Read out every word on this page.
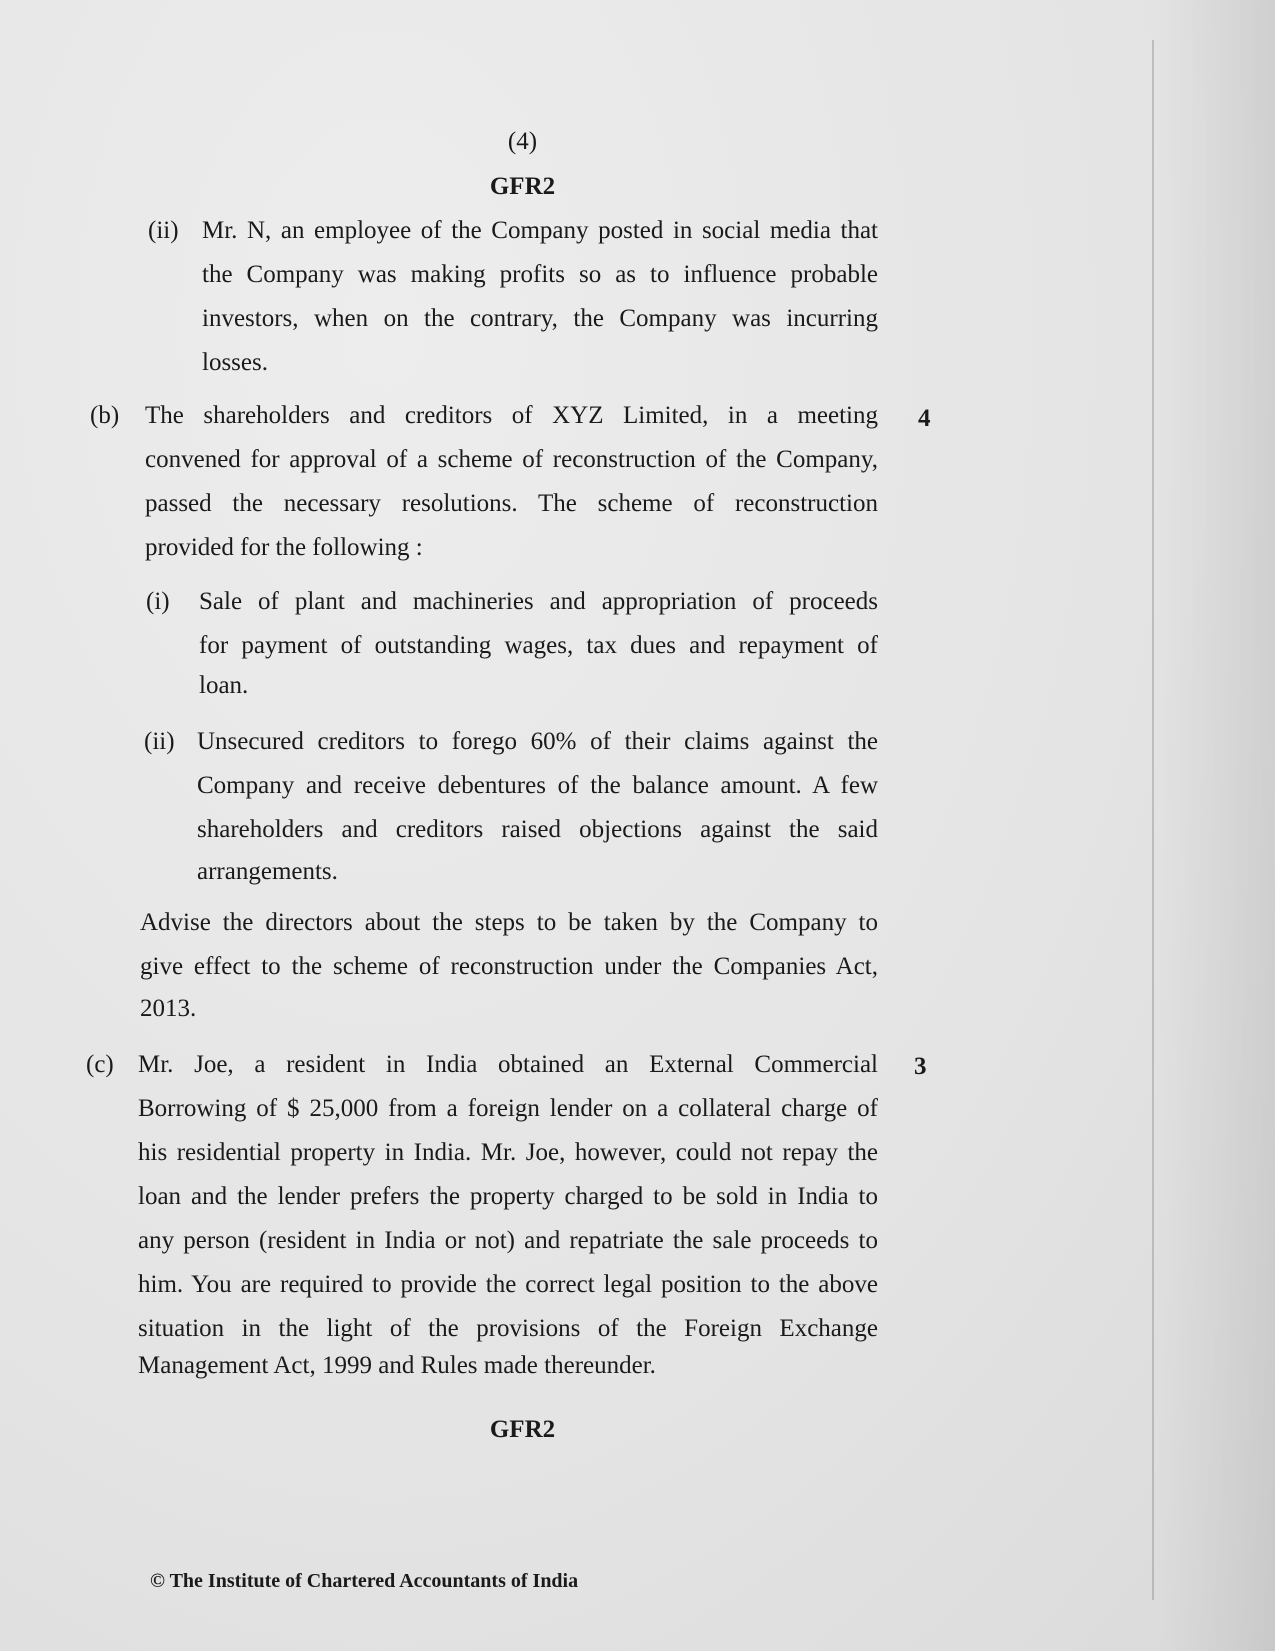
(4)
GFR2
(ii) Mr. N, an employee of the Company posted in social media that
the Company was making profits so as to influence probable
investors, when on the contrary, the Company was incurring
losses.
(b)	4
The shareholders and creditors of XYZ Limited, in a meeting
convened for approval of a scheme of reconstruction of the Company,
passed the necessary resolutions. The scheme of reconstruction
provided for the following :
(i) Sale of plant and machineries and appropriation of proceeds
for payment of outstanding wages, tax dues and repayment of
loan.
(ii) Unsecured creditors to forego 60% of their claims against the
Company and receive debentures of the balance amount. A few
shareholders and creditors raised objections against the said
arrangements.
Advise the directors about the steps to be taken by the Company to
give effect to the scheme of reconstruction under the Companies Act,
2013.
(c)	3
Mr. Joe, a resident in India obtained an External Commercial
Borrowing of $ 25,000 from a foreign lender on a collateral charge of
his residential property in India. Mr. Joe, however, could not repay the
loan and the lender prefers the property charged to be sold in India to
any person (resident in India or not) and repatriate the sale proceeds to
him. You are required to provide the correct legal position to the above
situation in the light of the provisions of the Foreign Exchange
Management Act, 1999 and Rules made thereunder.
GFR2
© The Institute of Chartered Accountants of India
